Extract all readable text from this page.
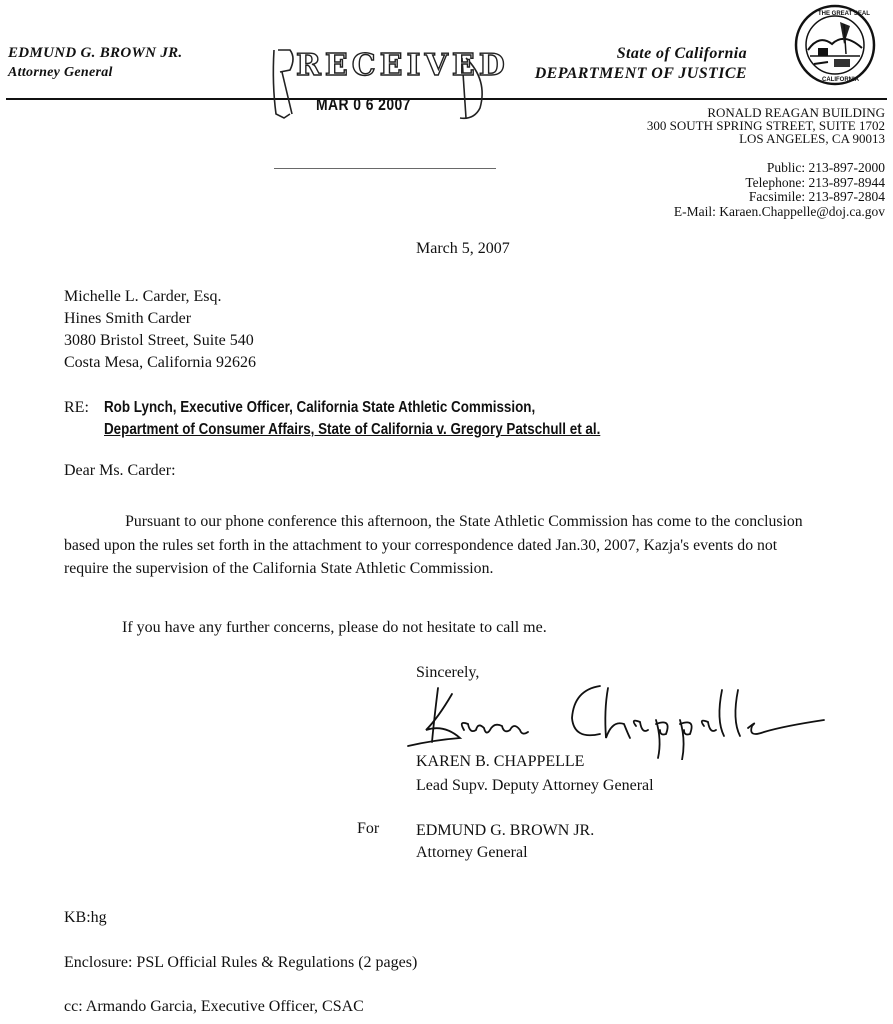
EDMUND G. BROWN JR.
Attorney General
State of California
DEPARTMENT OF JUSTICE
THE GREAT SEAL
CALIFORNIA
RECEIVED
MAR 0 6 2007	RONALD REAGAN BUILDING
300 SOUTH SPRING STREET, SUITE 1702
LOS ANGELES, CA 90013
Public: 213-897-2000
Telephone: 213-897-8944
Facsimile: 213-897-2804
E-Mail: Karaen.Chappelle@doj.ca.gov
March 5, 2007
Michelle L. Carder, Esq.
Hines Smith Carder
3080 Bristol Street, Suite 540
Costa Mesa, California 92626
RE: Rob Lynch, Executive Officer, California State Athletic Commission,
Department of Consumer Affairs, State of California v. Gregory Patschull et al.
Dear Ms. Carder:
Pursuant to our phone conference this afternoon, the State Athletic Commission has come to the conclusion based upon the rules set forth in the attachment to your correspondence dated Jan.30, 2007, Kazja's events do not require the supervision of the California State Athletic Commission.
If you have any further concerns, please do not hesitate to call me.
Sincerely,
KAREN B. CHAPPELLE
Lead Supv. Deputy Attorney General
For EDMUND G. BROWN JR.
Attorney General
KB:hg
Enclosure: PSL Official Rules & Regulations (2 pages)
cc: Armando Garcia, Executive Officer, CSAC
